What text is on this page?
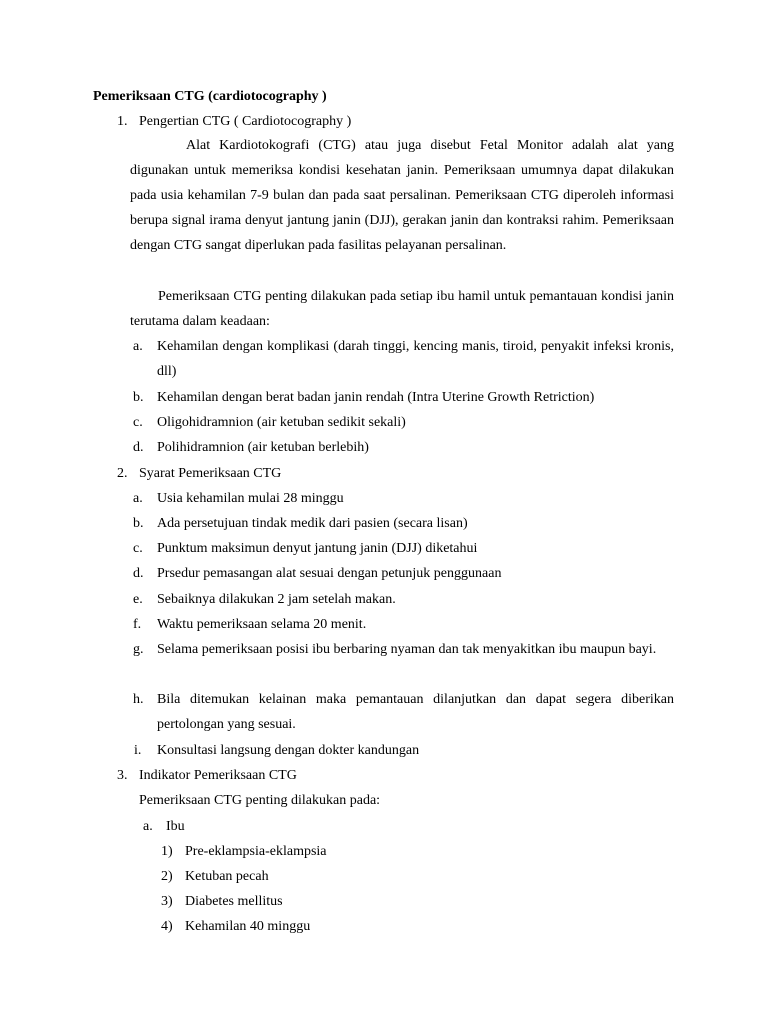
Pemeriksaan CTG (cardiotocography )
1. Pengertian CTG ( Cardiotocography )
Alat Kardiotokografi (CTG) atau juga disebut Fetal Monitor adalah alat yang digunakan untuk memeriksa kondisi kesehatan janin. Pemeriksaan umumnya dapat dilakukan pada usia kehamilan 7-9 bulan dan pada saat persalinan. Pemeriksaan CTG diperoleh informasi berupa signal irama denyut jantung janin (DJJ), gerakan janin dan kontraksi rahim. Pemeriksaan dengan CTG sangat diperlukan pada fasilitas pelayanan persalinan.
Pemeriksaan CTG penting dilakukan pada setiap ibu hamil untuk pemantauan kondisi janin terutama dalam keadaan:
a. Kehamilan dengan komplikasi (darah tinggi, kencing manis, tiroid, penyakit infeksi kronis, dll)
b. Kehamilan dengan berat badan janin rendah (Intra Uterine Growth Retriction)
c. Oligohidramnion (air ketuban sedikit sekali)
d. Polihidramnion (air ketuban berlebih)
2. Syarat Pemeriksaan CTG
a. Usia kehamilan mulai 28 minggu
b. Ada persetujuan tindak medik dari pasien (secara lisan)
c. Punktum maksimun denyut jantung janin (DJJ) diketahui
d. Prsedur pemasangan alat sesuai dengan petunjuk penggunaan
e. Sebaiknya dilakukan 2 jam setelah makan.
f. Waktu pemeriksaan selama 20 menit.
g. Selama pemeriksaan posisi ibu berbaring nyaman dan tak menyakitkan ibu maupun bayi.
h. Bila ditemukan kelainan maka pemantauan dilanjutkan dan dapat segera diberikan pertolongan yang sesuai.
i. Konsultasi langsung dengan dokter kandungan
3. Indikator Pemeriksaan CTG
Pemeriksaan CTG penting dilakukan pada:
a. Ibu
1) Pre-eklampsia-eklampsia
2) Ketuban pecah
3) Diabetes mellitus
4) Kehamilan 40 minggu
